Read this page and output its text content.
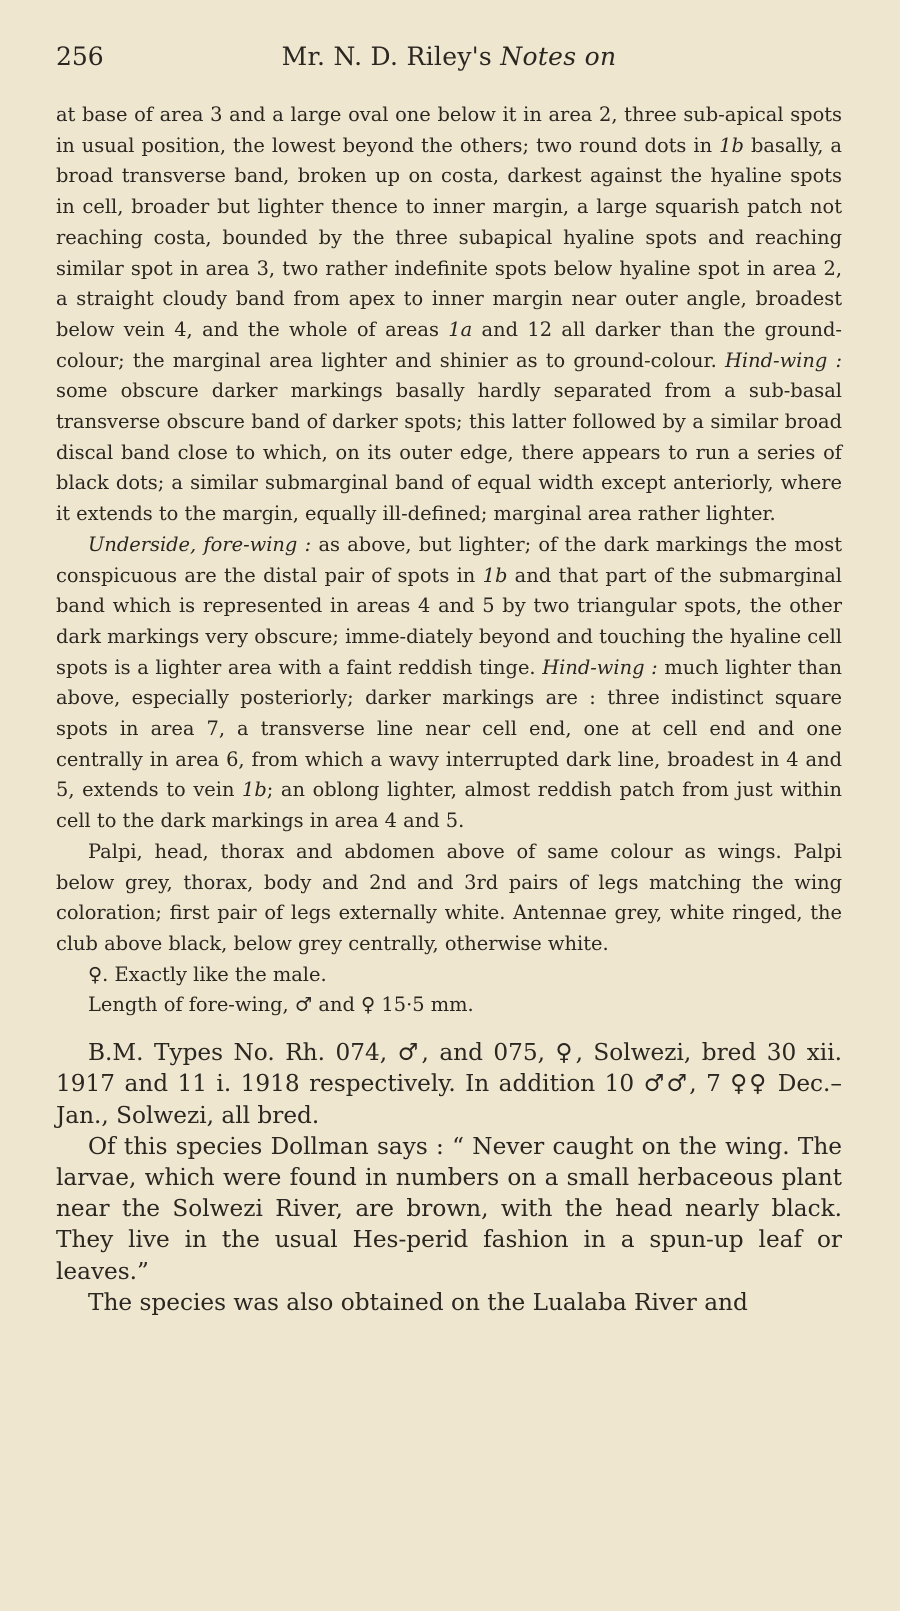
256	Mr. N. D. Riley's Notes on

at base of area 3 and a large oval one below it in area 2, three sub-apical spots in usual position, the lowest beyond the others; two round dots in 1b basally, a broad transverse band, broken up on costa, darkest against the hyaline spots in cell, broader but lighter thence to inner margin, a large squarish patch not reaching costa, bounded by the three subapical hyaline spots and reaching similar spot in area 3, two rather indefinite spots below hyaline spot in area 2, a straight cloudy band from apex to inner margin near outer angle, broadest below vein 4, and the whole of areas 1a and 12 all darker than the ground-colour; the marginal area lighter and shinier as to ground-colour. Hind-wing : some obscure darker markings basally hardly separated from a sub-basal transverse obscure band of darker spots; this latter followed by a similar broad discal band close to which, on its outer edge, there appears to run a series of black dots; a similar submarginal band of equal width except anteriorly, where it extends to the margin, equally ill-defined; marginal area rather lighter.

Underside, fore-wing : as above, but lighter; of the dark markings the most conspicuous are the distal pair of spots in 1b and that part of the submarginal band which is represented in areas 4 and 5 by two triangular spots, the other dark markings very obscure; imme-diately beyond and touching the hyaline cell spots is a lighter area with a faint reddish tinge. Hind-wing : much lighter than above, especially posteriorly; darker markings are : three indistinct square spots in area 7, a transverse line near cell end, one at cell end and one centrally in area 6, from which a wavy interrupted dark line, broadest in 4 and 5, extends to vein 1b; an oblong lighter, almost reddish patch from just within cell to the dark markings in area 4 and 5.

Palpi, head, thorax and abdomen above of same colour as wings. Palpi below grey, thorax, body and 2nd and 3rd pairs of legs matching the wing coloration; first pair of legs externally white. Antennae grey, white ringed, the club above black, below grey centrally, otherwise white.

♀. Exactly like the male.

Length of fore-wing, ♂ and ♀ 15·5 mm.

B.M. Types No. Rh. 074, ♂, and 075, ♀, Solwezi, bred 30 xii. 1917 and 11 i. 1918 respectively. In addition 10 ♂♂, 7 ♀♀ Dec.–Jan., Solwezi, all bred.

Of this species Dollman says : “ Never caught on the wing. The larvae, which were found in numbers on a small herbaceous plant near the Solwezi River, are brown, with the head nearly black. They live in the usual Hes-perid fashion in a spun-up leaf or leaves.”

The species was also obtained on the Lualaba River and
